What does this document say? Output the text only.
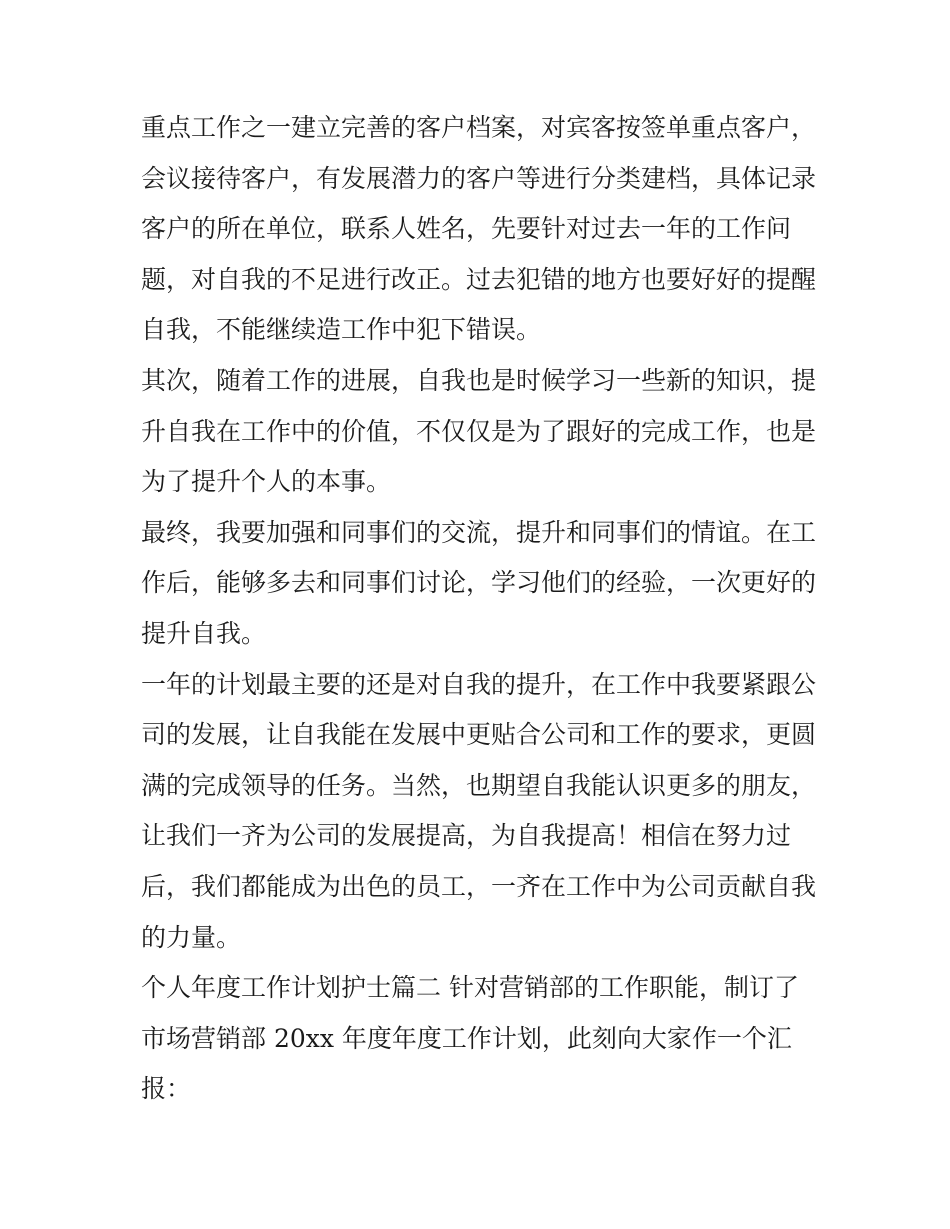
重点工作之一建立完善的客户档案，对宾客按签单重点客户，

会议接待客户，有发展潜力的客户等进行分类建档，具体记录

客户的所在单位，联系人姓名，先要针对过去一年的工作问

题，对自我的不足进行改正。过去犯错的地方也要好好的提醒

自我，不能继续造工作中犯下错误。

其次，随着工作的进展，自我也是时候学习一些新的知识，提

升自我在工作中的价值，不仅仅是为了跟好的完成工作，也是

为了提升个人的本事。

最终，我要加强和同事们的交流，提升和同事们的情谊。在工

作后，能够多去和同事们讨论，学习他们的经验，一次更好的

提升自我。

一年的计划最主要的还是对自我的提升，在工作中我要紧跟公

司的发展，让自我能在发展中更贴合公司和工作的要求，更圆

满的完成领导的任务。当然，也期望自我能认识更多的朋友，

让我们一齐为公司的发展提高，为自我提高！相信在努力过

后，我们都能成为出色的员工，一齐在工作中为公司贡献自我

的力量。

个人年度工作计划护士篇二 针对营销部的工作职能，制订了

市场营销部 20xx 年度年度工作计划，此刻向大家作一个汇

报：
